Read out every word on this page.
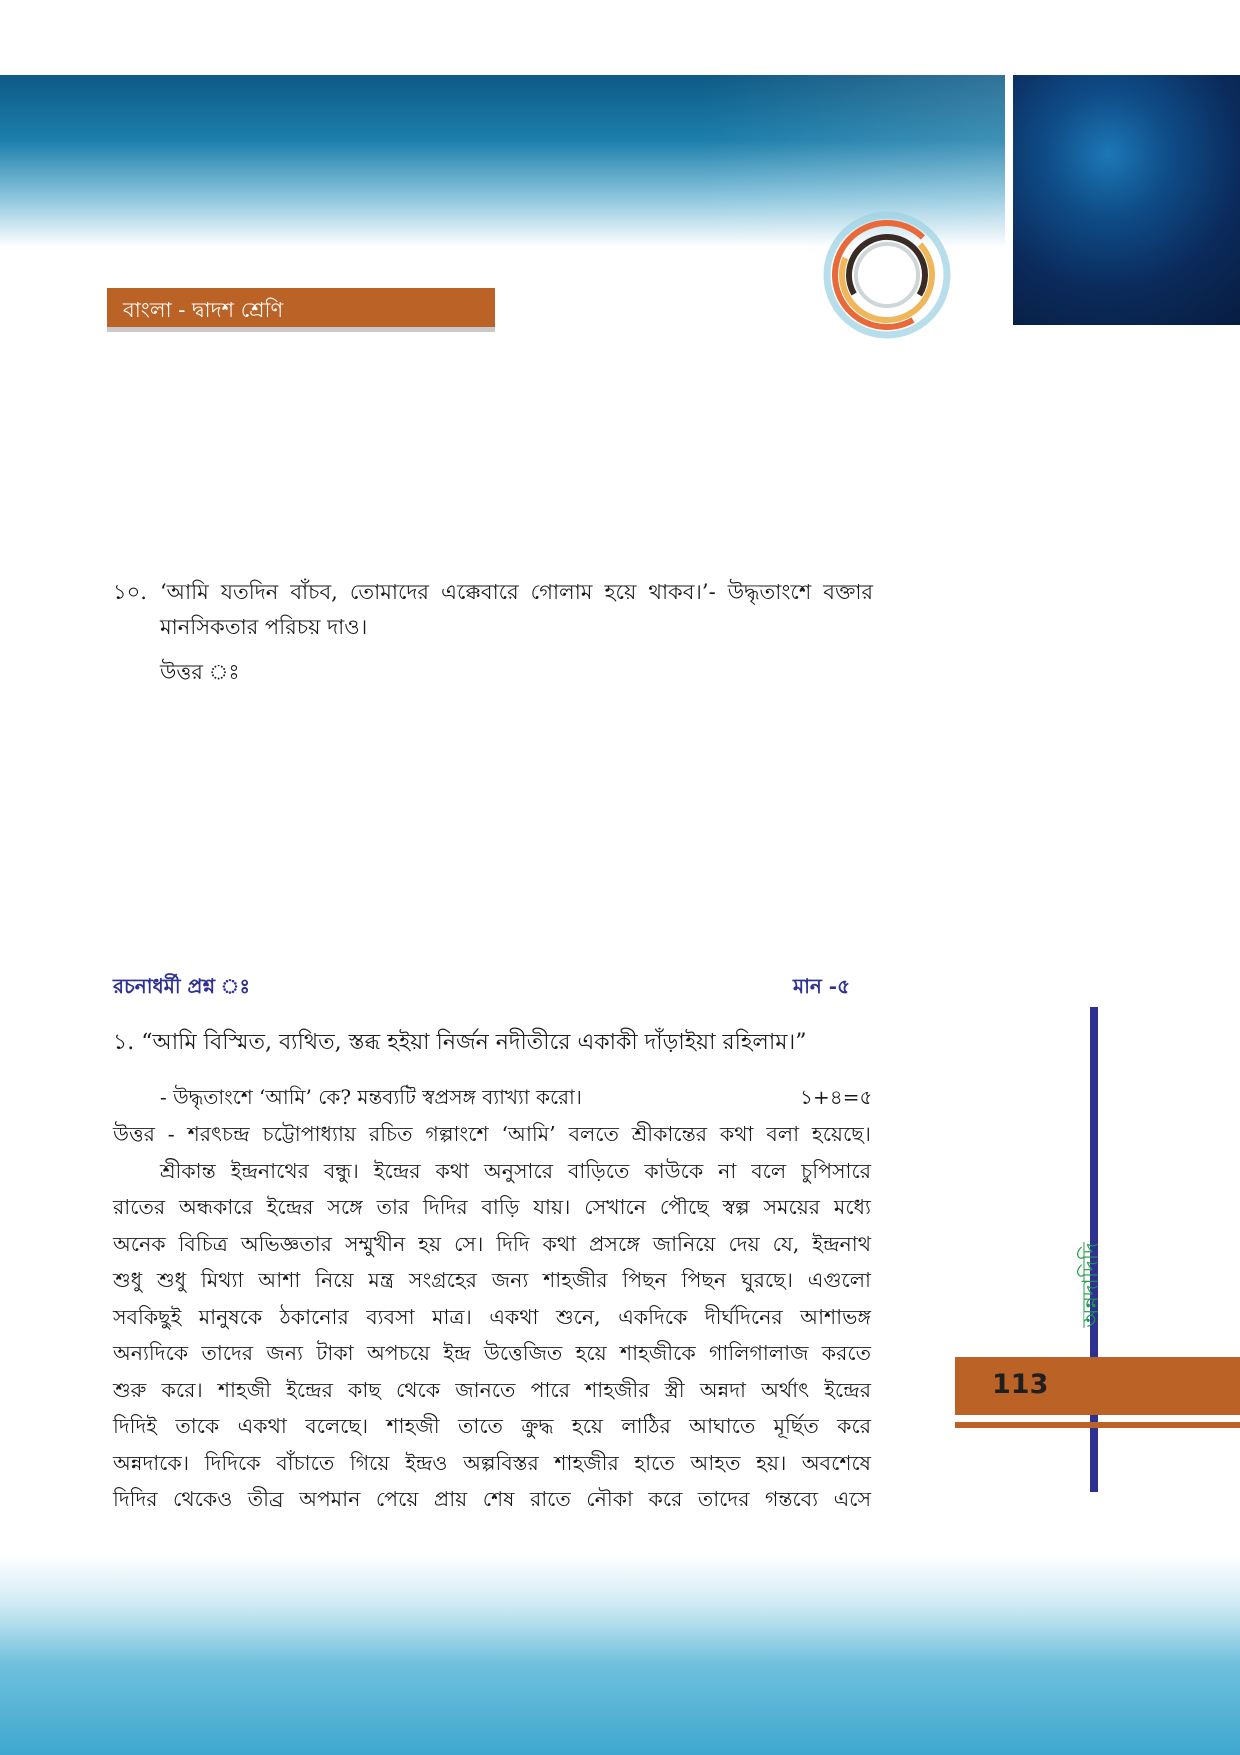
বাংলা - দ্বাদশ শ্রেণি
১০. ‘আমি যতদিন বাঁচব, তোমাদের এক্কেবারে গোলাম হয়ে থাকব।’- উদ্ধৃতাংশে বক্তার মানসিকতার পরিচয় দাও।
উত্তর ঃ
রচনাধর্মী প্রশ্ন ঃ	মান -৫
১. “আমি বিস্মিত, ব্যথিত, স্তব্ধ হইয়া নির্জন নদীতীরে একাকী দাঁড়াইয়া রহিলাম।”
- উদ্ধৃতাংশে ‘আমি’ কে? মন্তব্যটি স্বপ্রসঙ্গ ব্যাখ্যা করো।	১+৪=৫

উত্তর - শরৎচন্দ্র চট্টোপাধ্যায় রচিত গল্পাংশে ‘আমি’ বলতে শ্রীকান্তের কথা বলা হয়েছে।

শ্রীকান্ত ইন্দ্রনাথের বন্ধু। ইন্দ্রের কথা অনুসারে বাড়িতে কাউকে না বলে চুপিসারে

রাতের অন্ধকারে ইন্দ্রের সঙ্গে তার দিদির বাড়ি যায়। সেখানে পৌছে স্বল্প সময়ের মধ্যে

অনেক বিচিত্র অভিজ্ঞতার সম্মুখীন হয় সে। দিদি কথা প্রসঙ্গে জানিয়ে দেয় যে, ইন্দ্রনাথ

শুধু শুধু মিথ্যা আশা নিয়ে মন্ত্র সংগ্রহের জন্য শাহজীর পিছন পিছন ঘুরছে। এগুলো

সবকিছুই মানুষকে ঠকানোর ব্যবসা মাত্র। একথা শুনে, একদিকে দীর্ঘদিনের আশাভঙ্গ

অন্যদিকে তাদের জন্য টাকা অপচয়ে ইন্দ্র উত্তেজিত হয়ে শাহজীকে গালিগালাজ করতে

শুরু করে। শাহজী ইন্দ্রের কাছ থেকে জানতে পারে শাহজীর স্ত্রী অন্নদা অর্থাৎ ইন্দ্রের

দিদিই তাকে একথা বলেছে। শাহজী তাতে ক্রুদ্ধ হয়ে লাঠির আঘাতে মূর্ছিত করে

অন্নদাকে। দিদিকে বাঁচাতে গিয়ে ইন্দ্রও অল্পবিস্তর শাহজীর হাতে আহত হয়। অবশেষে

দিদির থেকেও তীব্র অপমান পেয়ে প্রায় শেষ রাতে নৌকা করে তাদের গন্তব্যে এসে

অন্নদাদিদি
113
